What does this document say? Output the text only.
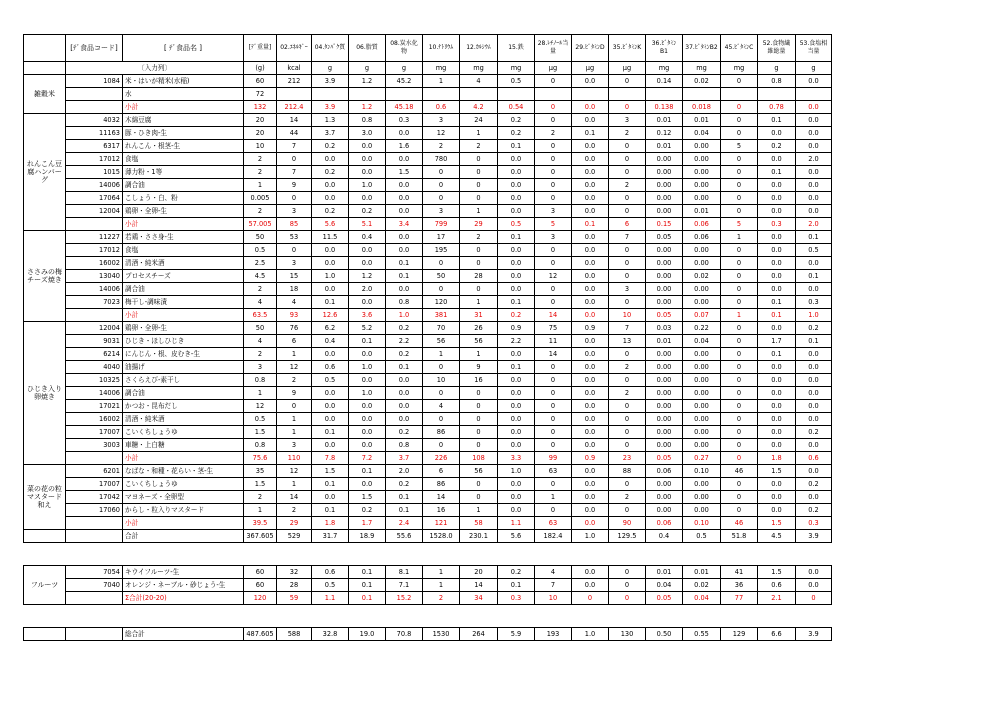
	[ﾃﾞ食品コード]	[ ﾃﾞ食品名 ]	[ﾃﾞ重量]	02.ｴﾈﾙｷﾞｰ	04.ﾀﾝﾊﾟｸ質	06.脂質	08.炭水化物	10.ﾅﾄﾘｳﾑ	12.ｶﾙｼｳﾑ	15.鉄	28.ﾚﾁﾉｰﾙ当量	29.ﾋﾞﾀﾐﾝD	35.ﾋﾞﾀﾐﾝK	36.ﾋﾞﾀﾐﾝB1	37.ﾋﾞﾀﾐﾝB2	45.ﾋﾞﾀﾐﾝC	52.食物繊維総量	53.食塩相当量
	〔入力列〕		(g)	kcal	g	g	g	mg	mg	mg	μg	μg	μg	mg	mg	mg	g	g
雑穀米	1084	米・はいが精米(水稲)	60	212	3.9	1.2	45.2	1	4	0.5	0	0.0	0	0.14	0.02	0	0.8	0.0
		水	72															
		小計	132	212.4	3.9	1.2	45.18	0.6	4.2	0.54	0	0.0	0	0.138	0.018	0	0.78	0.0
れんこん豆腐ハンバーグ	4032	木綿豆腐	20	14	1.3	0.8	0.3	3	24	0.2	0	0.0	3	0.01	0.01	0	0.1	0.0
	11163	豚・ひき肉-生	20	44	3.7	3.0	0.0	12	1	0.2	2	0.1	2	0.12	0.04	0	0.0	0.0
	6317	れんこん・根茎-生	10	7	0.2	0.0	1.6	2	2	0.1	0	0.0	0	0.01	0.00	5	0.2	0.0
	17012	食塩	2	0	0.0	0.0	0.0	780	0	0.0	0	0.0	0	0.00	0.00	0	0.0	2.0
	1015	薄力粉・1等	2	7	0.2	0.0	1.5	0	0	0.0	0	0.0	0	0.00	0.00	0	0.1	0.0
	14006	調合油	1	9	0.0	1.0	0.0	0	0	0.0	0	0.0	2	0.00	0.00	0	0.0	0.0
	17064	こしょう・白、粉	0.005	0	0.0	0.0	0.0	0	0	0.0	0	0.0	0	0.00	0.00	0	0.0	0.0
	12004	鶏卵・全卵-生	2	3	0.2	0.2	0.0	3	1	0.0	3	0.0	0	0.00	0.01	0	0.0	0.0
		小計	57.005	85	5.6	5.1	3.4	799	29	0.5	5	0.1	6	0.15	0.06	5	0.3	2.0
ささみの梅チーズ焼き	11227	若鶏・ささ身-生	50	53	11.5	0.4	0.0	17	2	0.1	3	0.0	7	0.05	0.06	1	0.0	0.1
	17012	食塩	0.5	0	0.0	0.0	0.0	195	0	0.0	0	0.0	0	0.00	0.00	0	0.0	0.5
	16002	清酒・純米酒	2.5	3	0.0	0.0	0.1	0	0	0.0	0	0.0	0	0.00	0.00	0	0.0	0.0
	13040	プロセスチーズ	4.5	15	1.0	1.2	0.1	50	28	0.0	12	0.0	0	0.00	0.02	0	0.0	0.1
	14006	調合油	2	18	0.0	2.0	0.0	0	0	0.0	0	0.0	3	0.00	0.00	0	0.0	0.0
	7023	梅干し-調味漬	4	4	0.1	0.0	0.8	120	1	0.1	0	0.0	0	0.00	0.00	0	0.1	0.3
		小計	63.5	93	12.6	3.6	1.0	381	31	0.2	14	0.0	10	0.05	0.07	1	0.1	1.0
ひじき入り卵焼き	12004	鶏卵・全卵-生	50	76	6.2	5.2	0.2	70	26	0.9	75	0.9	7	0.03	0.22	0	0.0	0.2
	9031	ひじき・ほしひじき	4	6	0.4	0.1	2.2	56	56	2.2	11	0.0	13	0.01	0.04	0	1.7	0.1
	6214	にんじん・根、皮むき-生	2	1	0.0	0.0	0.2	1	1	0.0	14	0.0	0	0.00	0.00	0	0.1	0.0
	4040	油揚げ	3	12	0.6	1.0	0.1	0	9	0.1	0	0.0	2	0.00	0.00	0	0.0	0.0
	10325	さくらえび-素干し	0.8	2	0.5	0.0	0.0	10	16	0.0	0	0.0	0	0.00	0.00	0	0.0	0.0
	14006	調合油	1	9	0.0	1.0	0.0	0	0	0.0	0	0.0	2	0.00	0.00	0	0.0	0.0
	17021	かつお・昆布だし	12	0	0.0	0.0	0.0	4	0	0.0	0	0.0	0	0.00	0.00	0	0.0	0.0
	16002	清酒・純米酒	0.5	1	0.0	0.0	0.0	0	0	0.0	0	0.0	0	0.00	0.00	0	0.0	0.0
	17007	こいくちしょうゆ	1.5	1	0.1	0.0	0.2	86	0	0.0	0	0.0	0	0.00	0.00	0	0.0	0.2
	3003	車糖・上白糖	0.8	3	0.0	0.0	0.8	0	0	0.0	0	0.0	0	0.00	0.00	0	0.0	0.0
		小計	75.6	110	7.8	7.2	3.7	226	108	3.3	99	0.9	23	0.05	0.27	0	1.8	0.6
菜の花の粒マスタード和え	6201	なばな・和種・花らい・茎-生	35	12	1.5	0.1	2.0	6	56	1.0	63	0.0	88	0.06	0.10	46	1.5	0.0
	17007	こいくちしょうゆ	1.5	1	0.1	0.0	0.2	86	0	0.0	0	0.0	0	0.00	0.00	0	0.0	0.2
	17042	マヨネーズ・全卵型	2	14	0.0	1.5	0.1	14	0	0.0	1	0.0	2	0.00	0.00	0	0.0	0.0
	17060	からし・粒入りマスタード	1	2	0.1	0.2	0.1	16	1	0.0	0	0.0	0	0.00	0.00	0	0.0	0.2
		小計	39.5	29	1.8	1.7	2.4	121	58	1.1	63	0.0	90	0.06	0.10	46	1.5	0.3
		合計	367.605	529	31.7	18.9	55.6	1528.0	230.1	5.6	182.4	1.0	129.5	0.4	0.5	51.8	4.5	3.9

フルーツ	7054	キウイフルーツ-生	60	32	0.6	0.1	8.1	1	20	0.2	4	0.0	0	0.01	0.01	41	1.5	0.0
	7040	オレンジ・ネーブル・砂じょう-生	60	28	0.5	0.1	7.1	1	14	0.1	7	0.0	0	0.04	0.02	36	0.6	0.0
		Σ合計(20-20)	120	59	1.1	0.1	15.2	2	34	0.3	10	0	0	0.05	0.04	77	2.1	0

		総合計	487.605	588	32.8	19.0	70.8	1530	264	5.9	193	1.0	130	0.50	0.55	129	6.6	3.9
